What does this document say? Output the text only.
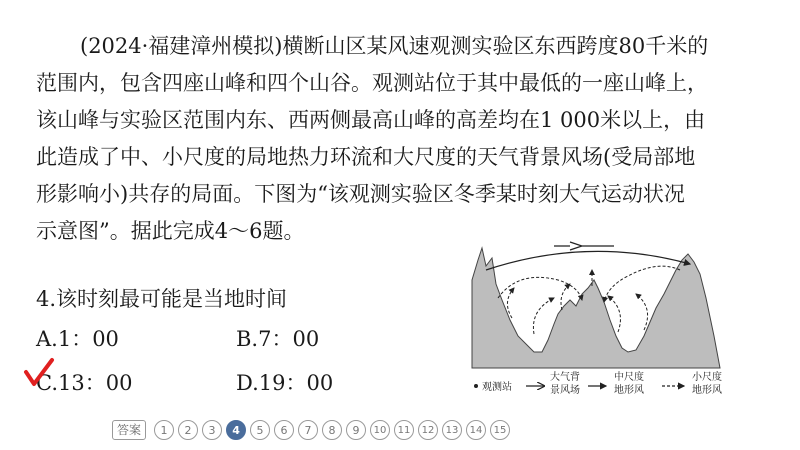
(2024·福建漳州模拟)横断山区某风速观测实验区东西跨度80千米的
范围内，包含四座山峰和四个山谷。观测站位于其中最低的一座山峰上，
该山峰与实验区范围内东、西两侧最高山峰的高差均在1 000米以上，由
此造成了中、小尺度的局地热力环流和大尺度的天气背景风场(受局部地
形影响小)共存的局面。下图为“该观测实验区冬季某时刻大气运动状况
示意图”。据此完成4～6题。
4.该时刻最可能是当地时间
A.1：00	B.7：00
C.13：00	D.19：00	观测站
大气背
景风场
中尺度
地形风
小尺度
地形风
答案	1	2	3	4	5	6	7	8	9	10	11	12	13	14	15
